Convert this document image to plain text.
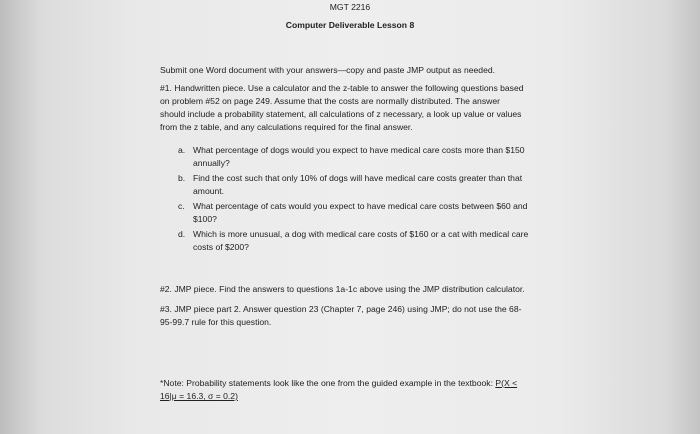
MGT 2216
Computer Deliverable Lesson 8
Submit one Word document with your answers—copy and paste JMP output as needed.
#1. Handwritten piece. Use a calculator and the z-table to answer the following questions based
on problem #52 on page 249. Assume that the costs are normally distributed. The answer
should include a probability statement, all calculations of z necessary, a look up value or values
from the z table, and any calculations required for the final answer.
a. What percentage of dogs would you expect to have medical care costs more than $150
annually?
b. Find the cost such that only 10% of dogs will have medical care costs greater than that
amount.
c. What percentage of cats would you expect to have medical care costs between $60 and
$100?
d. Which is more unusual, a dog with medical care costs of $160 or a cat with medical care
costs of $200?
#2. JMP piece. Find the answers to questions 1a-1c above using the JMP distribution calculator.
#3. JMP piece part 2. Answer question 23 (Chapter 7, page 246) using JMP; do not use the 68-
95-99.7 rule for this question.
*Note: Probability statements look like the one from the guided example in the textbook: P(X <
16|μ = 16.3, σ = 0.2)
